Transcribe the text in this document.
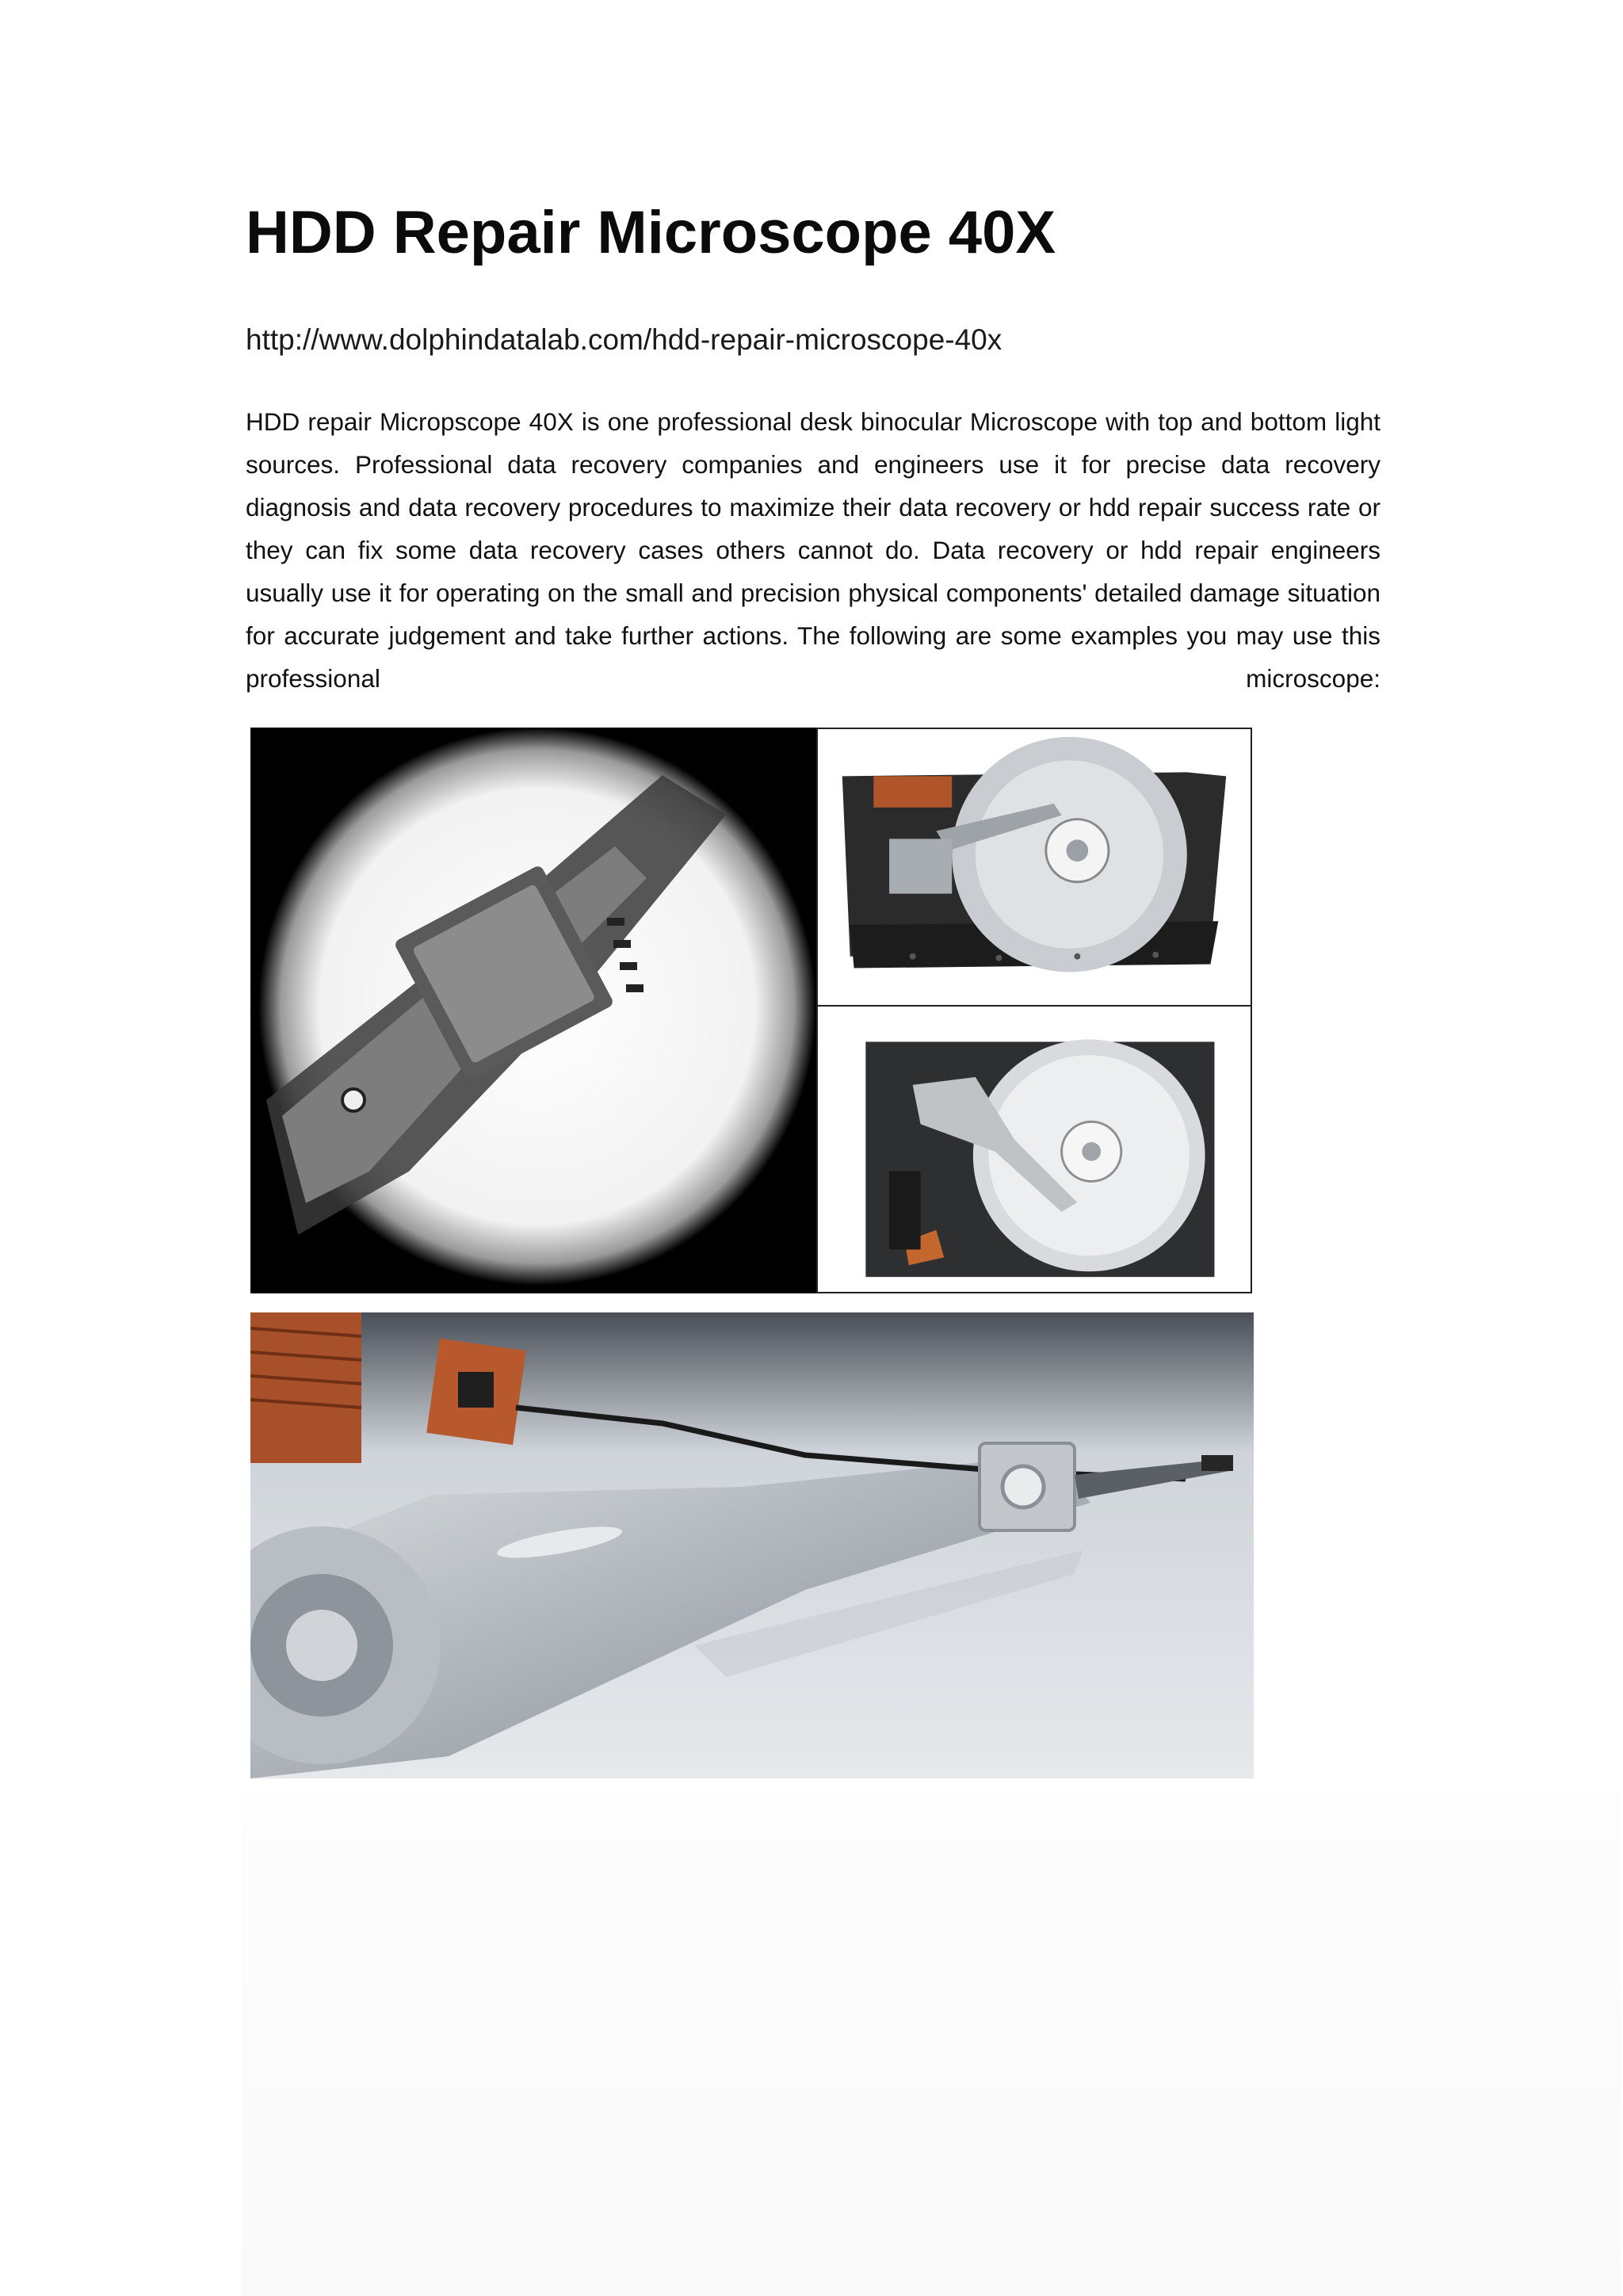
HDD Repair Microscope 40X

http://www.dolphindatalab.com/hdd-repair-microscope-40x

HDD repair Micropscope 40X is one professional desk binocular Microscope with top and bottom light sources. Professional data recovery companies and engineers use it for precise data recovery diagnosis and data recovery procedures to maximize their data recovery or hdd repair success rate or they can fix some data recovery cases others cannot do. Data recovery or hdd repair engineers usually use it for operating on the small and precision physical components' detailed damage situation for accurate judgement and take further actions. The following are some examples you may use this professional microscope:
